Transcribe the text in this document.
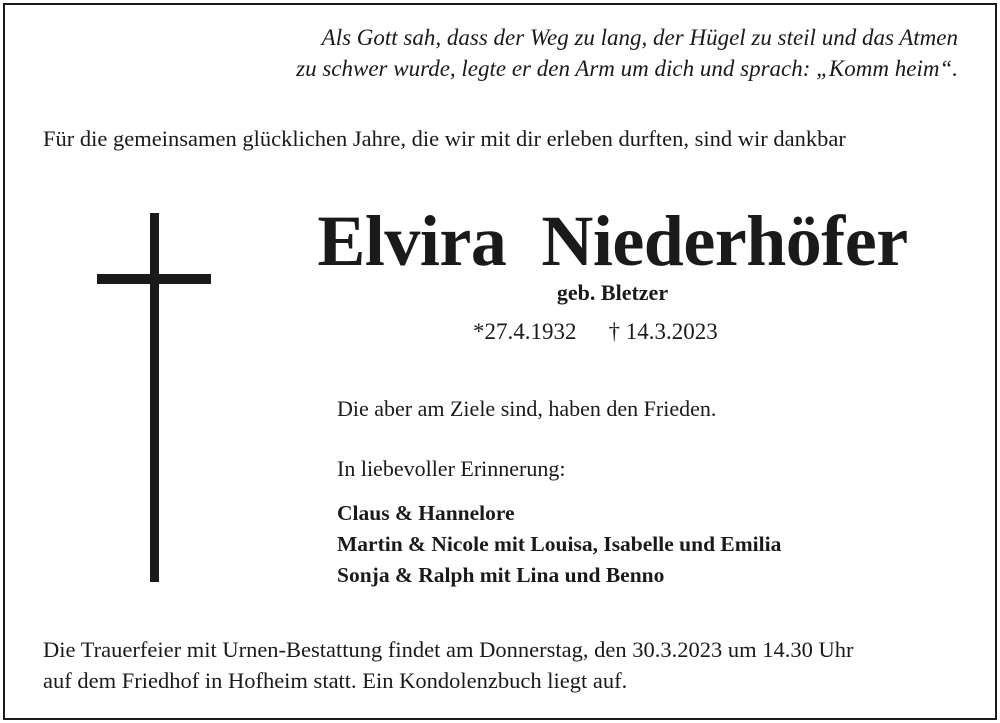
Als Gott sah, dass der Weg zu lang, der Hügel zu steil und das Atmen
zu schwer wurde, legte er den Arm um dich und sprach: „Komm heim“.
Für die gemeinsamen glücklichen Jahre, die wir mit dir erleben durften, sind wir dankbar
Elvira  Niederhöfer
geb. Bletzer
*27.4.1932 † 14.3.2023
Die aber am Ziele sind, haben den Frieden.
In liebevoller Erinnerung:
Claus & Hannelore
Martin & Nicole mit Louisa, Isabelle und Emilia
Sonja & Ralph mit Lina und Benno
Die Trauerfeier mit Urnen-Bestattung findet am Donnerstag, den 30.3.2023 um 14.30 Uhr
auf dem Friedhof in Hofheim statt. Ein Kondolenzbuch liegt auf.
